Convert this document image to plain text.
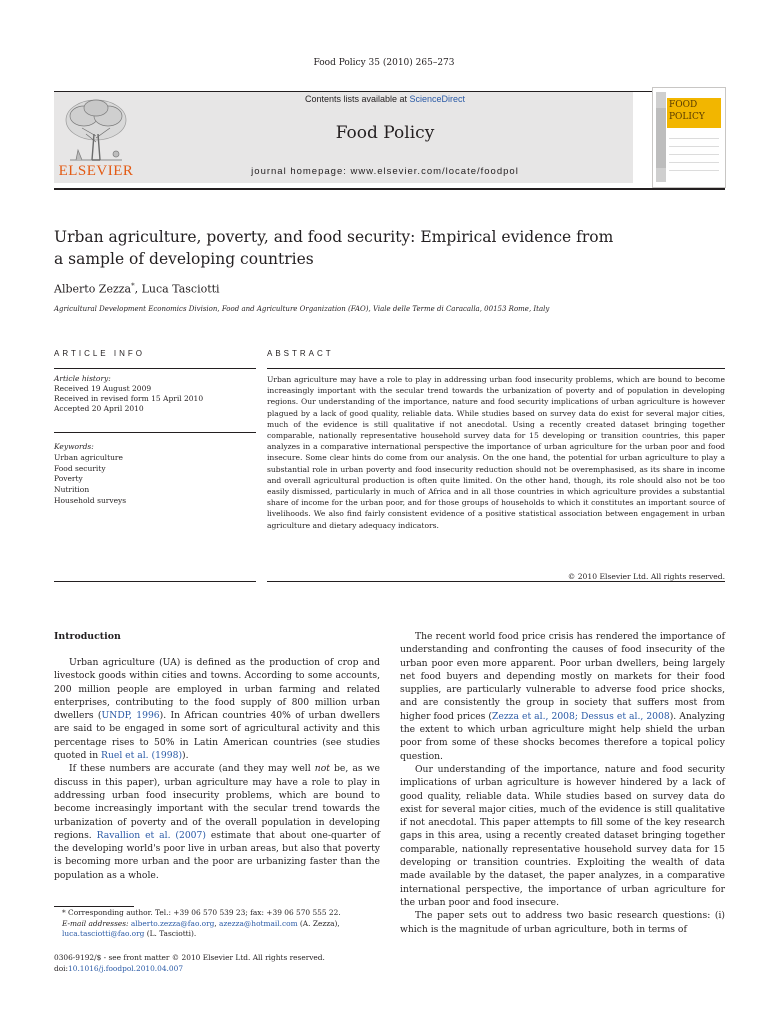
Food Policy 35 (2010) 265–273
ELSEVIER
Contents lists available at ScienceDirect
Food Policy
journal homepage: www.elsevier.com/locate/foodpol
FOOD
POLICY
Urban agriculture, poverty, and food security: Empirical evidence from a sample of developing countries
Alberto Zezza*, Luca Tasciotti
Agricultural Development Economics Division, Food and Agriculture Organization (FAO), Viale delle Terme di Caracalla, 00153 Rome, Italy
ARTICLE INFO	ABSTRACT
Article history:
Received 19 August 2009
Received in revised form 15 April 2010
Accepted 20 April 2010
Keywords:
Urban agriculture
Food security
Poverty
Nutrition
Household surveys
Urban agriculture may have a role to play in addressing urban food insecurity problems, which are bound to become increasingly important with the secular trend towards the urbanization of poverty and of population in developing regions. Our understanding of the importance, nature and food security implications of urban agriculture is however plagued by a lack of good quality, reliable data. While studies based on survey data do exist for several major cities, much of the evidence is still qualitative if not anecdotal. Using a recently created dataset bringing together comparable, nationally representative household survey data for 15 developing or transition countries, this paper analyzes in a comparative international perspective the importance of urban agriculture for the urban poor and food insecure. Some clear hints do come from our analysis. On the one hand, the potential for urban agriculture to play a substantial role in urban poverty and food insecurity reduction should not be overemphasised, as its share in income and overall agricultural production is often quite limited. On the other hand, though, its role should also not be too easily dismissed, particularly in much of Africa and in all those countries in which agriculture provides a substantial share of income for the urban poor, and for those groups of households to which it constitutes an important source of livelihoods. We also find fairly consistent evidence of a positive statistical association between engagement in urban agriculture and dietary adequacy indicators.
© 2010 Elsevier Ltd. All rights reserved.
Introduction

Urban agriculture (UA) is defined as the production of crop and livestock goods within cities and towns. According to some accounts, 200 million people are employed in urban farming and related enterprises, contributing to the food supply of 800 million urban dwellers (UNDP, 1996). In African countries 40% of urban dwellers are said to be engaged in some sort of agricultural activity and this percentage rises to 50% in Latin American countries (see studies quoted in Ruel et al. (1998)).

If these numbers are accurate (and they may well not be, as we discuss in this paper), urban agriculture may have a role to play in addressing urban food insecurity problems, which are bound to become increasingly important with the secular trend towards the urbanization of poverty and of the overall population in developing regions. Ravallion et al. (2007) estimate that about one-quarter of the developing world's poor live in urban areas, but also that poverty is becoming more urban and the poor are urbanizing faster than the population as a whole.

The recent world food price crisis has rendered the importance of understanding and confronting the causes of food insecurity of the urban poor even more apparent. Poor urban dwellers, being largely net food buyers and depending mostly on markets for their food supplies, are particularly vulnerable to adverse food price shocks, and are consistently the group in society that suffers most from higher food prices (Zezza et al., 2008; Dessus et al., 2008). Analyzing the extent to which urban agriculture might help shield the urban poor from some of these shocks becomes therefore a topical policy question.

Our understanding of the importance, nature and food security implications of urban agriculture is however hindered by a lack of good quality, reliable data. While studies based on survey data do exist for several major cities, much of the evidence is still qualitative if not anecdotal. This paper attempts to fill some of the key research gaps in this area, using a recently created dataset bringing together comparable, nationally representative household survey data for 15 developing or transition countries. Exploiting the wealth of data made available by the dataset, the paper analyzes, in a comparative international perspective, the importance of urban agriculture for the urban poor and food insecure.

The paper sets out to address two basic research questions: (i) which is the magnitude of urban agriculture, both in terms of

* Corresponding author. Tel.: +39 06 570 539 23; fax: +39 06 570 555 22.
E-mail addresses: alberto.zezza@fao.org, azezza@hotmail.com (A. Zezza), luca.tasciotti@fao.org (L. Tasciotti).
0306-9192/$ - see front matter © 2010 Elsevier Ltd. All rights reserved.
doi:10.1016/j.foodpol.2010.04.007
